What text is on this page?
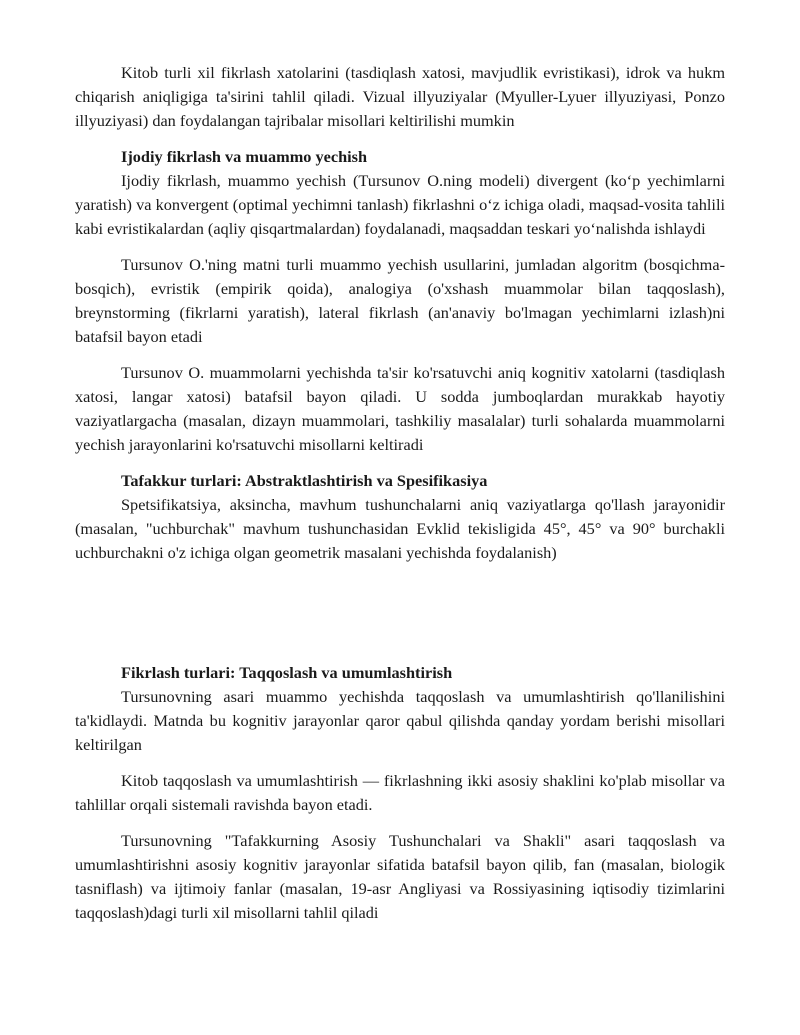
Kitob turli xil fikrlash xatolarini (tasdiqlash xatosi, mavjudlik evristikasi), idrok va hukm chiqarish aniqligiga ta'sirini tahlil qiladi. Vizual illyuziyalar (Myuller-Lyuer illyuziyasi, Ponzo illyuziyasi) dan foydalangan tajribalar misollari keltirilishi mumkin

Ijodiy fikrlash va muammo yechish

Ijodiy fikrlash, muammo yechish (Tursunov O.ning modeli) divergent (ko‘p yechimlarni yaratish) va konvergent (optimal yechimni tanlash) fikrlashni o‘z ichiga oladi, maqsad-vosita tahlili kabi evristikalardan (aqliy qisqartmalardan) foydalanadi, maqsaddan teskari yo‘nalishda ishlaydi

Tursunov O.'ning matni turli muammo yechish usullarini, jumladan algoritm (bosqichma-bosqich), evristik (empirik qoida), analogiya (o'xshash muammolar bilan taqqoslash), breynstorming (fikrlarni yaratish), lateral fikrlash (an'anaviy bo'lmagan yechimlarni izlash)ni batafsil bayon etadi

Tursunov O. muammolarni yechishda ta'sir ko'rsatuvchi aniq kognitiv xatolarni (tasdiqlash xatosi, langar xatosi) batafsil bayon qiladi. U sodda jumboqlardan murakkab hayotiy vaziyatlargacha (masalan, dizayn muammolari, tashkiliy masalalar) turli sohalarda muammolarni yechish jarayonlarini ko'rsatuvchi misollarni keltiradi

Tafakkur turlari: Abstraktlashtirish va Spesifikasiya

Spetsifikatsiya, aksincha, mavhum tushunchalarni aniq vaziyatlarga qo'llash jarayonidir (masalan, "uchburchak" mavhum tushunchasidan Evklid tekisligida 45°, 45° va 90° burchakli uchburchakni o'z ichiga olgan geometrik masalani yechishda foydalanish)

Fikrlash turlari: Taqqoslash va umumlashtirish

Tursunovning asari muammo yechishda taqqoslash va umumlashtirish qo'llanilishini ta'kidlaydi. Matnda bu kognitiv jarayonlar qaror qabul qilishda qanday yordam berishi misollari keltirilgan

Kitob taqqoslash va umumlashtirish — fikrlashning ikki asosiy shaklini ko'plab misollar va tahlillar orqali sistemali ravishda bayon etadi.

Tursunovning "Tafakkurning Asosiy Tushunchalari va Shakli" asari taqqoslash va umumlashtirishni asosiy kognitiv jarayonlar sifatida batafsil bayon qilib, fan (masalan, biologik tasniflash) va ijtimoiy fanlar (masalan, 19-asr Angliyasi va Rossiyasining iqtisodiy tizimlarini taqqoslash)dagi turli xil misollarni tahlil qiladi
